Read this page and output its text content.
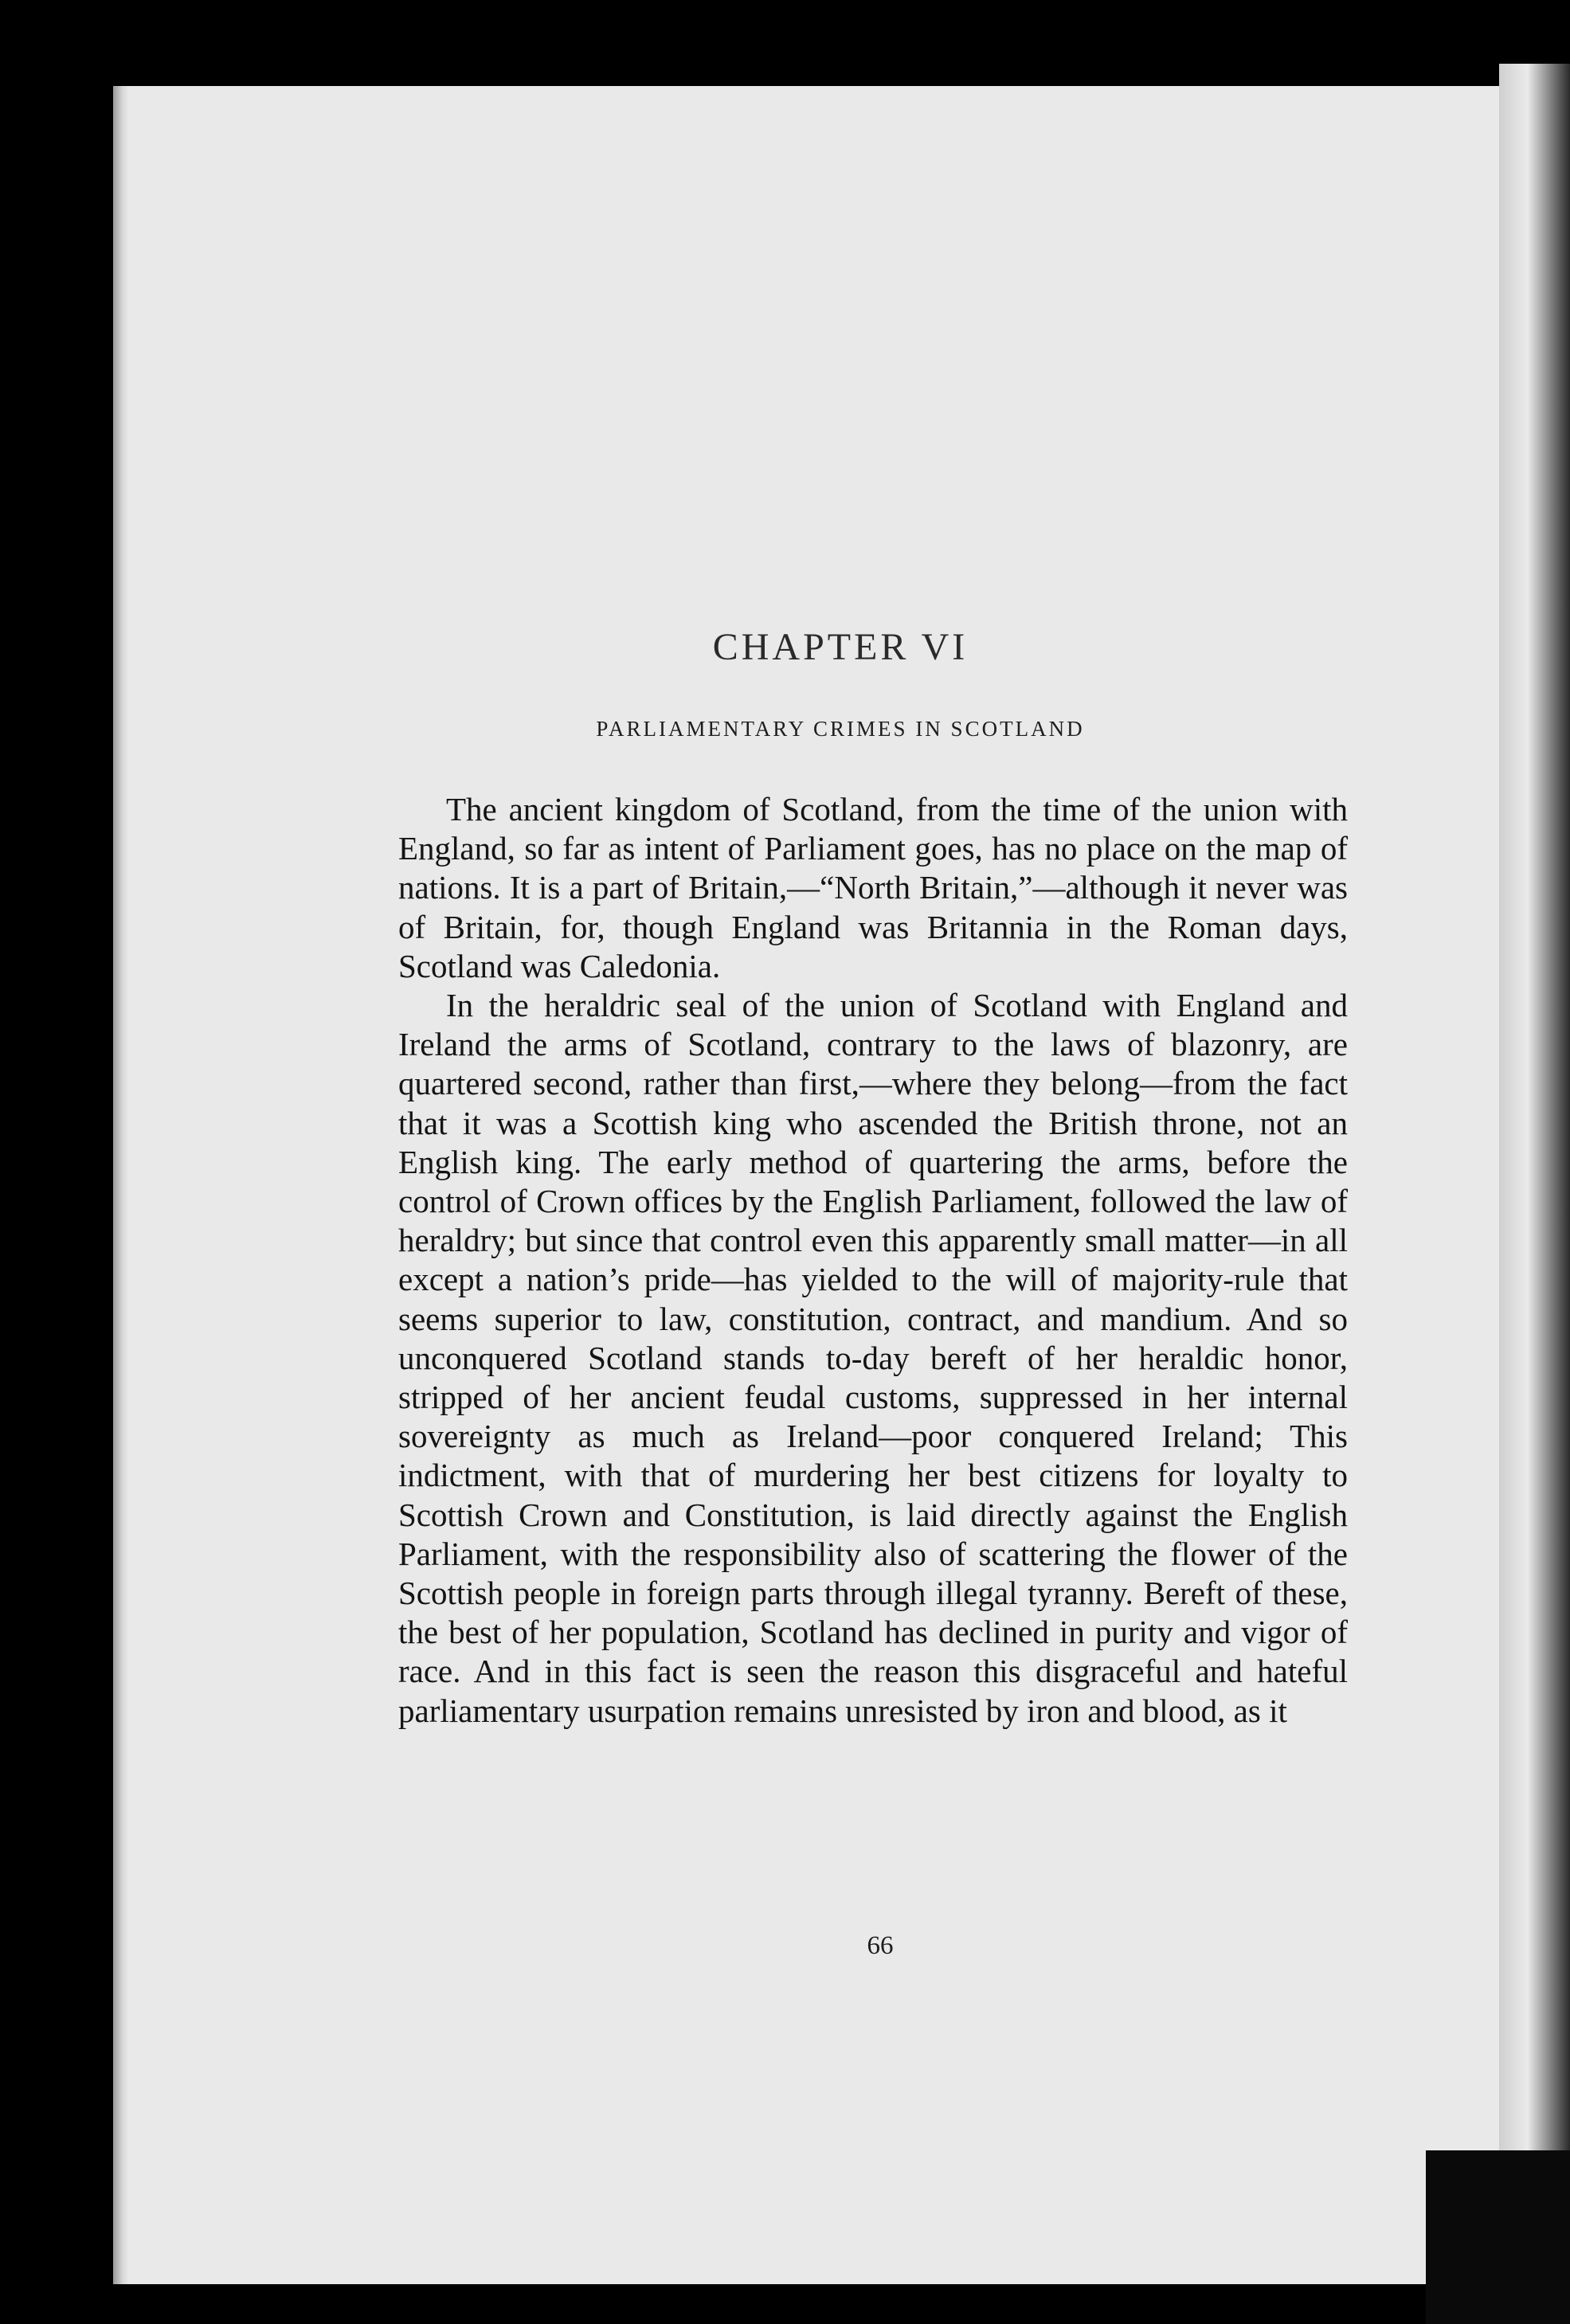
CHAPTER VI
PARLIAMENTARY CRIMES IN SCOTLAND

The ancient kingdom of Scotland, from the time of the union with England, so far as intent of Parliament goes, has no place on the map of nations. It is a part of Britain,—“North Britain,”—although it never was of Britain, for, though England was Britannia in the Roman days, Scotland was Caledonia.

In the heraldric seal of the union of Scotland with England and Ireland the arms of Scotland, contrary to the laws of blazonry, are quartered second, rather than first,—where they belong—from the fact that it was a Scottish king who ascended the British throne, not an English king. The early method of quartering the arms, before the control of Crown offices by the English Parliament, followed the law of heraldry; but since that control even this apparently small matter—in all except a nation’s pride—has yielded to the will of majority-rule that seems superior to law, constitution, contract, and mandium. And so unconquered Scotland stands to-day bereft of her heraldic honor, stripped of her ancient feudal customs, suppressed in her internal sovereignty as much as Ireland—poor conquered Ireland; This indictment, with that of murdering her best citizens for loyalty to Scottish Crown and Constitution, is laid directly against the English Parliament, with the responsibility also of scattering the flower of the Scottish people in foreign parts through illegal tyranny. Bereft of these, the best of her population, Scotland has declined in purity and vigor of race. And in this fact is seen the reason this disgraceful and hateful parliamentary usurpation remains unresisted by iron and blood, as it

66
